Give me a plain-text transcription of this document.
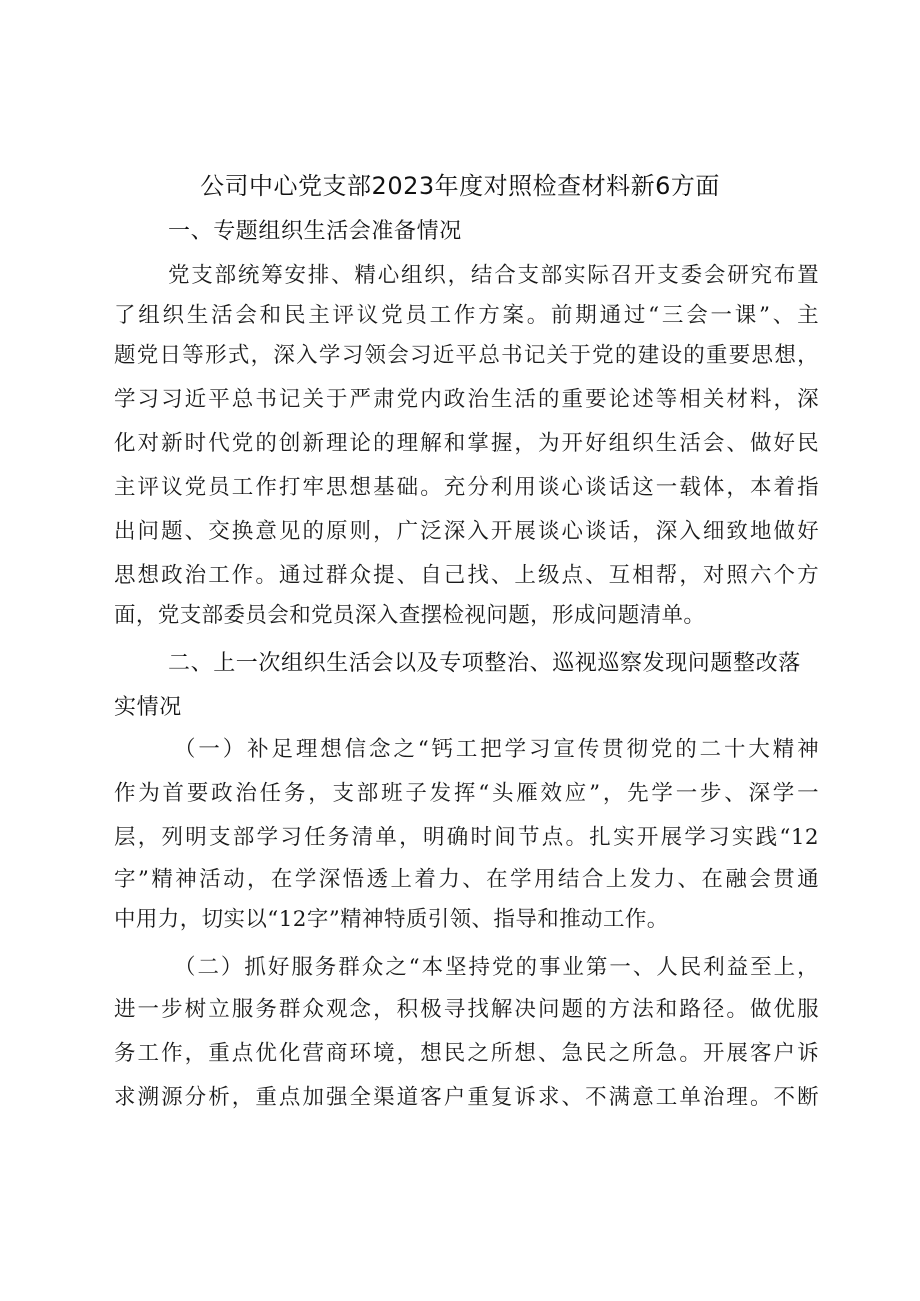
公司中心党支部2023年度对照检查材料新6方面
一、专题组织生活会准备情况
党支部统筹安排、精心组织，结合支部实际召开支委会研究布置
了组织生活会和民主评议党员工作方案。前期通过“三会一课”、主
题党日等形式，深入学习领会习近平总书记关于党的建设的重要思想，
学习习近平总书记关于严肃党内政治生活的重要论述等相关材料，深
化对新时代党的创新理论的理解和掌握，为开好组织生活会、做好民
主评议党员工作打牢思想基础。充分利用谈心谈话这一载体，本着指
出问题、交换意见的原则，广泛深入开展谈心谈话，深入细致地做好
思想政治工作。通过群众提、自己找、上级点、互相帮，对照六个方
面，党支部委员会和党员深入查摆检视问题，形成问题清单。
二、上一次组织生活会以及专项整治、巡视巡察发现问题整改落
实情况
（一）补足理想信念之“钙工把学习宣传贯彻党的二十大精神
作为首要政治任务，支部班子发挥“头雁效应”，先学一步、深学一
层，列明支部学习任务清单，明确时间节点。扎实开展学习实践“12
字”精神活动，在学深悟透上着力、在学用结合上发力、在融会贯通
中用力，切实以“12字”精神特质引领、指导和推动工作。
（二）抓好服务群众之“本坚持党的事业第一、人民利益至上，
进一步树立服务群众观念，积极寻找解决问题的方法和路径。做优服
务工作，重点优化营商环境，想民之所想、急民之所急。开展客户诉
求溯源分析，重点加强全渠道客户重复诉求、不满意工单治理。不断
